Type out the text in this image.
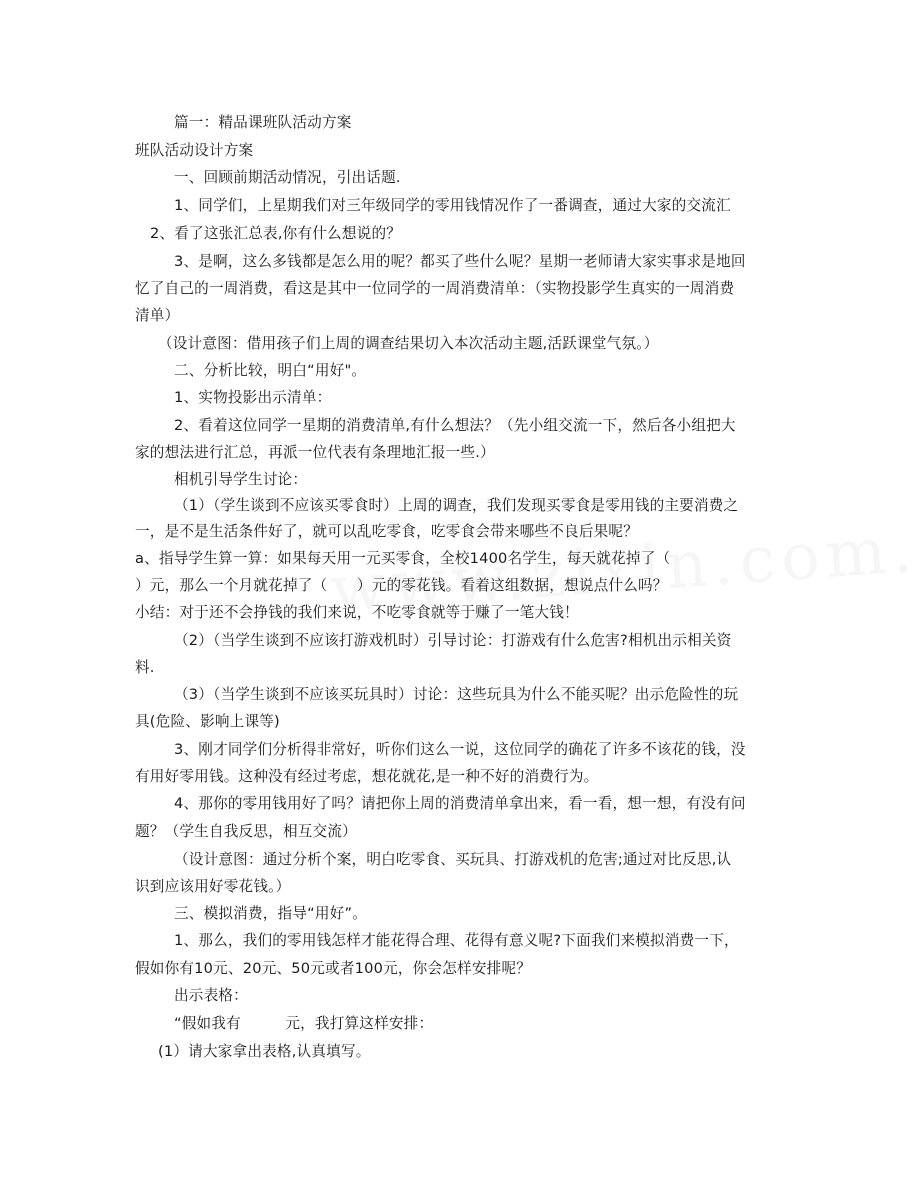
篇一：精品课班队活动方案
班队活动设计方案
一、回顾前期活动情况，引出话题.
1、同学们，上星期我们对三年级同学的零用钱情况作了一番调查，通过大家的交流汇
2、看了这张汇总表,你有什么想说的？
3、是啊，这么多钱都是怎么用的呢？都买了些什么呢？星期一老师请大家实事求是地回
忆了自己的一周消费，看这是其中一位同学的一周消费清单：（实物投影学生真实的一周消费
清单）
（设计意图：借用孩子们上周的调查结果切入本次活动主题,活跃课堂气氛。）
二、分析比较，明白“用好"。
1、实物投影出示清单：
2、看着这位同学一星期的消费清单,有什么想法？（先小组交流一下，然后各小组把大
家的想法进行汇总，再派一位代表有条理地汇报一些.）
相机引导学生讨论：
（1）（学生谈到不应该买零食时）上周的调查，我们发现买零食是零用钱的主要消费之
一，是不是生活条件好了，就可以乱吃零食，吃零食会带来哪些不良后果呢？
a、指导学生算一算：如果每天用一元买零食，全校1400名学生，每天就花掉了（
）元，那么一个月就花掉了（　　）元的零花钱。看着这组数据，想说点什么吗？
小结：对于还不会挣钱的我们来说，不吃零食就等于赚了一笔大钱！
（2）（当学生谈到不应该打游戏机时）引导讨论：打游戏有什么危害?相机出示相关资
料.
（3）（当学生谈到不应该买玩具时）讨论：这些玩具为什么不能买呢？出示危险性的玩
具(危险、影响上课等)
3、刚才同学们分析得非常好，听你们这么一说，这位同学的确花了许多不该花的钱，没
有用好零用钱。这种没有经过考虑，想花就花,是一种不好的消费行为。
4、那你的零用钱用好了吗？请把你上周的消费清单拿出来，看一看，想一想，有没有问
题？（学生自我反思，相互交流）
（设计意图：通过分析个案，明白吃零食、买玩具、打游戏机的危害;通过对比反思,认
识到应该用好零花钱。）
三、模拟消费，指导“用好”。
1、那么，我们的零用钱怎样才能花得合理、花得有意义呢?下面我们来模拟消费一下，
假如你有10元、20元、50元或者100元，你会怎样安排呢？
出示表格：
“假如我有　　　元，我打算这样安排：
(1）请大家拿出表格,认真填写。
